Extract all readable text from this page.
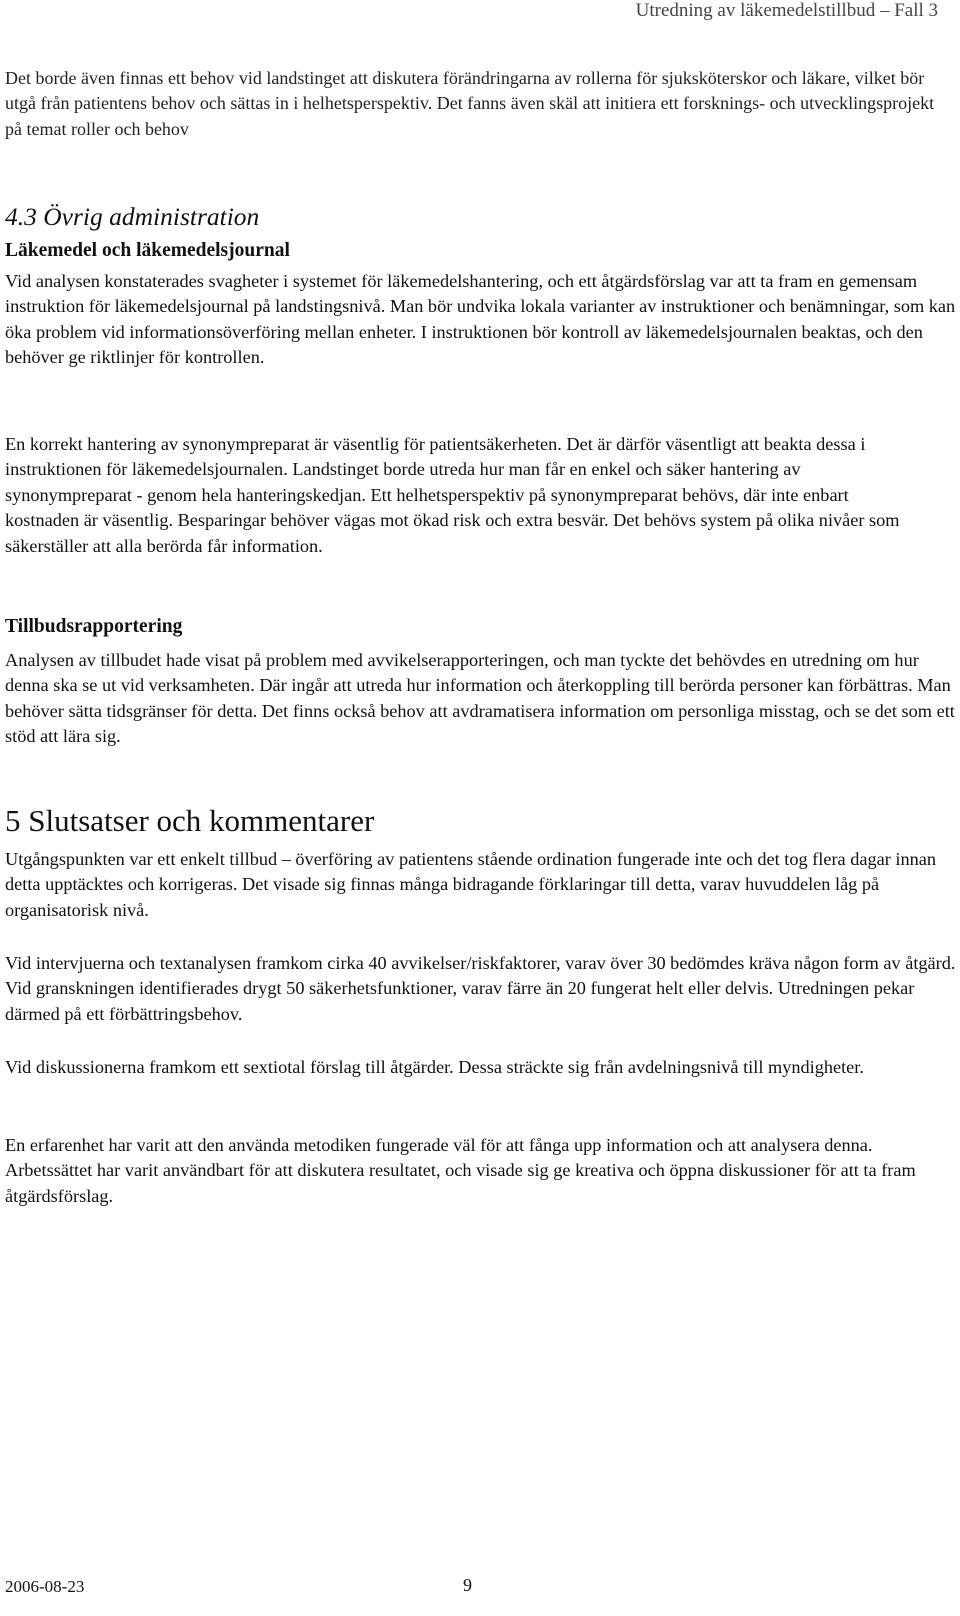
Utredning av läkemedelstillbud – Fall 3

Det borde även finnas ett behov vid landstinget att diskutera förändringarna av rollerna för sjuksköterskor och läkare, vilket bör utgå från patientens behov och sättas in i helhetsperspektiv. Det fanns även skäl att initiera ett forsknings- och utvecklingsprojekt på temat roller och behov

4.3 Övrig administration
Läkemedel och läkemedelsjournal

Vid analysen konstaterades svagheter i systemet för läkemedelshantering, och ett åtgärdsförslag var att ta fram en gemensam instruktion för läkemedelsjournal på landstingsnivå. Man bör undvika lokala varianter av instruktioner och benämningar, som kan öka problem vid informationsöverföring mellan enheter. I instruktionen bör kontroll av läkemedelsjournalen beaktas, och den behöver ge riktlinjer för kontrollen.

En korrekt hantering av synonympreparat är väsentlig för patientsäkerheten. Det är därför väsentligt att beakta dessa i instruktionen för läkemedelsjournalen. Landstinget borde utreda hur man får en enkel och säker hantering av synonympreparat - genom hela hanteringskedjan. Ett helhetsperspektiv på synonympreparat behövs, där inte enbart kostnaden är väsentlig. Besparingar behöver vägas mot ökad risk och extra besvär. Det behövs system på olika nivåer som säkerställer att alla berörda får information.

Tillbudsrapportering

Analysen av tillbudet hade visat på problem med avvikelserapporteringen, och man tyckte det behövdes en utredning om hur denna ska se ut vid verksamheten. Där ingår att utreda hur information och återkoppling till berörda personer kan förbättras. Man behöver sätta tidsgränser för detta. Det finns också behov att avdramatisera information om personliga misstag, och se det som ett stöd att lära sig.

5 Slutsatser och kommentarer

Utgångspunkten var ett enkelt tillbud – överföring av patientens stående ordination fungerade inte och det tog flera dagar innan detta upptäcktes och korrigeras. Det visade sig finnas många bidragande förklaringar till detta, varav huvuddelen låg på organisatorisk nivå.

Vid intervjuerna och textanalysen framkom cirka 40 avvikelser/riskfaktorer, varav över 30 bedömdes kräva någon form av åtgärd. Vid granskningen identifierades drygt 50 säkerhetsfunktioner, varav färre än 20 fungerat helt eller delvis. Utredningen pekar därmed på ett förbättringsbehov.

Vid diskussionerna framkom ett sextiotal förslag till åtgärder. Dessa sträckte sig från avdelningsnivå till myndigheter.

En erfarenhet har varit att den använda metodiken fungerade väl för att fånga upp information och att analysera denna. Arbetssättet har varit användbart för att diskutera resultatet, och visade sig ge kreativa och öppna diskussioner för att ta fram åtgärdsförslag.

2006-08-23	9
